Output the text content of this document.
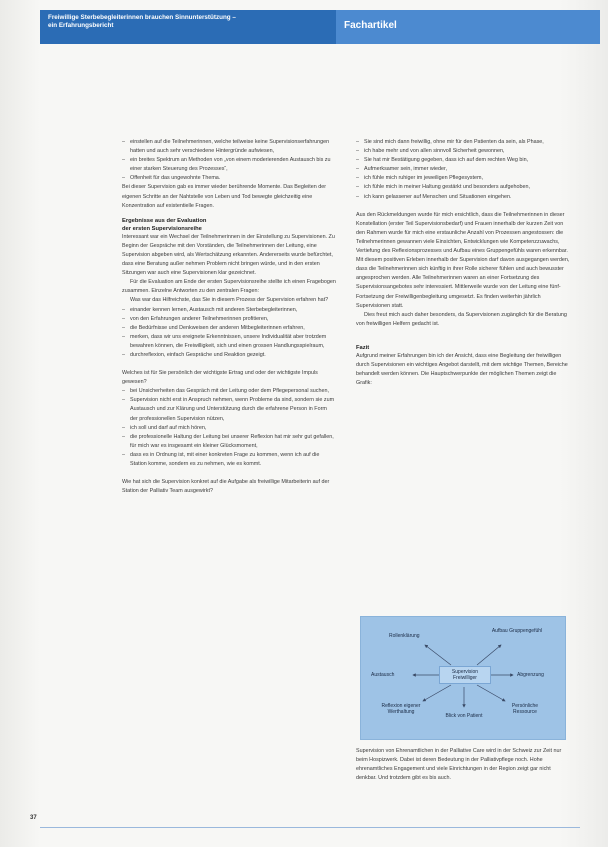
Freiwillige Sterbebegleiterinnen brauchen Sinnunterstützung –
ein Erfahrungsbericht	Fachartikel
– einstellen auf die Teilnehmerinnen, welche teilweise keine Supervisionserfahrungen hatten und auch sehr verschiedene Hintergründe aufwiesen,
– ein breites Spektrum an Methoden von „von einem moderierenden Austausch bis zu einer starken Steuerung des Prozesses“,
– Offenheit für das ungewohnte Thema.

Bei dieser Supervision gab es immer wieder berührende Momente. Das Begleiten der eigenen Schritte an der Nahtstelle von Leben und Tod bewegte gleichzeitig eine Konzentration auf existentielle Fragen.

Ergebnisse aus der Evaluation
der ersten Supervisionsreihe

Interessant war ein Wechsel der Teilnehmerinnen in der Einstellung zu Supervisionen. Zu Beginn der Gespräche mit den Vorständen, die Teilnehmerinnen der Leitung, eine Supervision abgeben wird, als Wertschätzung erkannten. Andererseits wurde befürchtet, dass eine Beratung außer nehmen Problem nicht bringen würde, und in den ersten Sitzungen war auch eine Supervisionen klar gezeichnet.

Für die Evaluation am Ende der ersten Supervisionsreihe stellte ich einen Fragebogen zusammen. Einzelne Antworten zu den zentralen Fragen:

Was war das Hilfreichste, das Sie in diesem Prozess der Supervision erfahren hat?

– einander kennen lernen, Austausch mit anderen Sterbebegleiterinnen,
– von den Erfahrungen anderer Teilnehmerinnen profitieren,
– die Bedürfnisse und Denkweisen der anderen Mitbegleiterinnen erfahren,
– merken, dass wir uns ereignete Erkenntnissen, unsere Individualität aber trotzdem bewahren können, die Freiwilligkeit, sich und einen grossen Handlungsspielraum,
– durchreflexion, einfach Gespräche und Reaktion gezeigt.

Welches ist für Sie persönlich der wichtigste Ertrag und oder der wichtigste Impuls gewesen?

– bei Unsicherheiten das Gespräch mit der Leitung oder dem Pflegepersonal suchen,
– Supervision nicht erst in Anspruch nehmen, wenn Probleme da sind, sondern sie zum Austausch und zur Klärung und Unterstützung durch die erfahrene Person in Form der professionellen Supervision nützen,
– ich soll und darf auf mich hören,
– die professionelle Haltung der Leitung bei unserer Reflexion hat mir sehr gut gefallen, für mich war es insgesamt ein kleiner Glücksmoment,
– dass es in Ordnung ist, mit einer konkreten Frage zu kommen, wenn ich auf die Station komme, sondern es zu nehmen, wie es kommt.

Wie hat sich die Supervision konkret auf die Aufgabe als freiwillige Mitarbeiterin auf der Station der Palliativ Team ausgewirkt?

– Sie sind mich dann freiwillig, ohne mir für den Patienten da sein, als Phase,
– ich habe mehr und von allen sinnvoll Sicherheit gewonnen,
– Sie hat mir Bestätigung gegeben, dass ich auf dem rechten Weg bin,
– Aufmerksamer sein, immer wieder,
– ich fühle mich ruhiger im jeweiligen Pflegesystem,
– ich fühle mich in meiner Haltung gestärkt und besonders aufgehoben,
– ich kann gelassener auf Menschen und Situationen eingehen.

Aus den Rückmeldungen wurde für mich ersichtlich, dass die Teilnehmerinnen in dieser Konstellation (erster Teil Supervisionsbedarf) und Frauen innerhalb der kurzen Zeit von den Rahmen wurde für mich eine erstaunliche Anzahl von Prozessen angestossen: die Teilnehmerinnen gewannen viele Einsichten, Entwicklungen wie Kompetenzzuwachs, Vertiefung des Reflexionsprozesses und Aufbau eines Gruppengefühls waren erkennbar. Mit diesem positiven Erleben innerhalb der Supervision darf davon ausgegangen werden, dass die Teilnehmerinnen sich künftig in ihrer Rolle sicherer fühlen und auch bewusster angesprochen werden. Alle Teilnehmerinnen waren an einer Fortsetzung des Supervisionsangebotes sehr interessiert. Mittlerweile wurde von der Leitung eine fünf-Fortsetzung der Freiwilligenbegleitung umgesetzt. Es finden weiterhin jährlich Supervisionen statt.

Dies freut mich auch daher besonders, da Supervisionen zugänglich für die Beratung von freiwilligen Helfern gedacht ist.

Fazit

Aufgrund meiner Erfahrungen bin ich der Ansicht, dass eine Begleitung der freiwilligen durch Supervisionen ein wichtiges Angebot darstellt, mit dem wichtige Themen, Bereiche behandelt werden können. Die Hauptschwerpunkte der möglichen Themen zeigt die Grafik:

Rollenklärung
Aufbau Gruppengefühl
Austausch	Abgrenzung
Reflexion eigener Werthaltung
Blick von Patient
Persönliche Ressource
Supervision Freiwilliger
Supervision von Ehrenamtlichen in der Palliative Care wird in der Schweiz zur Zeit nur beim Hospizwerk. Dabei ist deren Bedeutung in der Palliativpflege noch. Hohe ehrenamtliches Engagement und viele Einrichtungen in der Region zeigt gar nicht denkbar. Und trotzdem gibt es bis auch.
37
